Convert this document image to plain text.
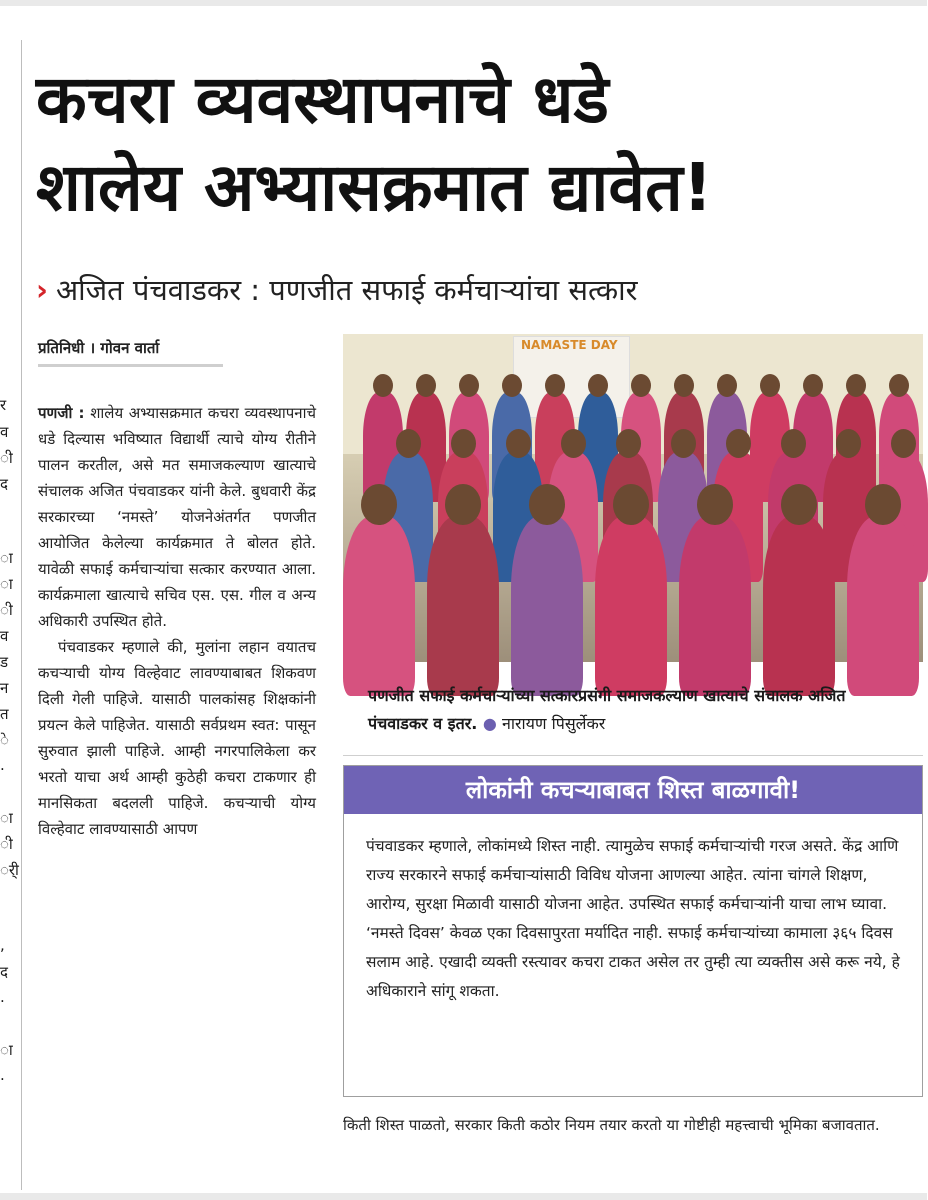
र
व
ी
द
ा
ा
ी
व
ड
न
त
े
.
ा
ी
र्ी
,
द
.
ा
.
कचरा व्यवस्थापनाचे धडे
शालेय अभ्यासक्रमात द्यावेत!
› अजित पंचवाडकर : पणजीत सफाई कर्मचाऱ्यांचा सत्कार
प्रतिनिधी । गोवन वार्ता

पणजी : शालेय अभ्यासक्रमात कचरा व्यवस्थापनाचे धडे दिल्यास भविष्यात विद्यार्थी त्याचे योग्य रीतीने पालन करतील, असे मत समाजकल्याण खात्याचे संचालक अजित पंचवाडकर यांनी केले. बुधवारी केंद्र सरकारच्या ‘नमस्ते’ योजनेअंतर्गत पणजीत आयोजित केलेल्या कार्यक्रमात ते बोलत होते. यावेळी सफाई कर्मचाऱ्यांचा सत्कार करण्यात आला. कार्यक्रमाला खात्याचे सचिव एस. एस. गील व अन्य अधिकारी उपस्थित होते.

पंचवाडकर म्हणाले की, मुलांना लहान वयातच कचऱ्याची योग्य विल्हेवाट लावण्याबाबत शिकवण दिली गेली पाहिजे. यासाठी पालकांसह शिक्षकांनी प्रयत्न केले पाहिजेत. यासाठी सर्वप्रथम स्वत: पासून सुरुवात झाली पाहिजे. आम्ही नगरपालिकेला कर भरतो याचा अर्थ आम्ही कुठेही कचरा टाकणार ही मानसिकता बदलली पाहिजे. कचऱ्याची योग्य विल्हेवाट लावण्यासाठी आपण

NAMASTE DAY

पणजीत सफाई कर्मचाऱ्यांच्या सत्कारप्रसंगी समाजकल्याण खात्याचे संचालक अजित पंचवाडकर व इतर. ● नारायण पिसुर्लेकर

लोकांनी कचऱ्याबाबत शिस्त बाळगावी!

पंचवाडकर म्हणाले, लोकांमध्ये शिस्त नाही. त्यामुळेच सफाई कर्मचाऱ्यांची गरज असते. केंद्र आणि राज्य सरकारने सफाई कर्मचाऱ्यांसाठी विविध योजना आणल्या आहेत. त्यांना चांगले शिक्षण, आरोग्य, सुरक्षा मिळावी यासाठी योजना आहेत. उपस्थित सफाई कर्मचाऱ्यांनी याचा लाभ घ्यावा. ‘नमस्ते दिवस’ केवळ एका दिवसापुरता मर्यादित नाही. सफाई कर्मचाऱ्यांच्या कामाला ३६५ दिवस सलाम आहे. एखादी व्यक्ती रस्त्यावर कचरा टाकत असेल तर तुम्ही त्या व्यक्तीस असे करू नये, हे अधिकाराने सांगू शकता.

किती शिस्त पाळतो, सरकार किती कठोर नियम तयार करतो या गोष्टीही महत्त्वाची भूमिका बजावतात.
